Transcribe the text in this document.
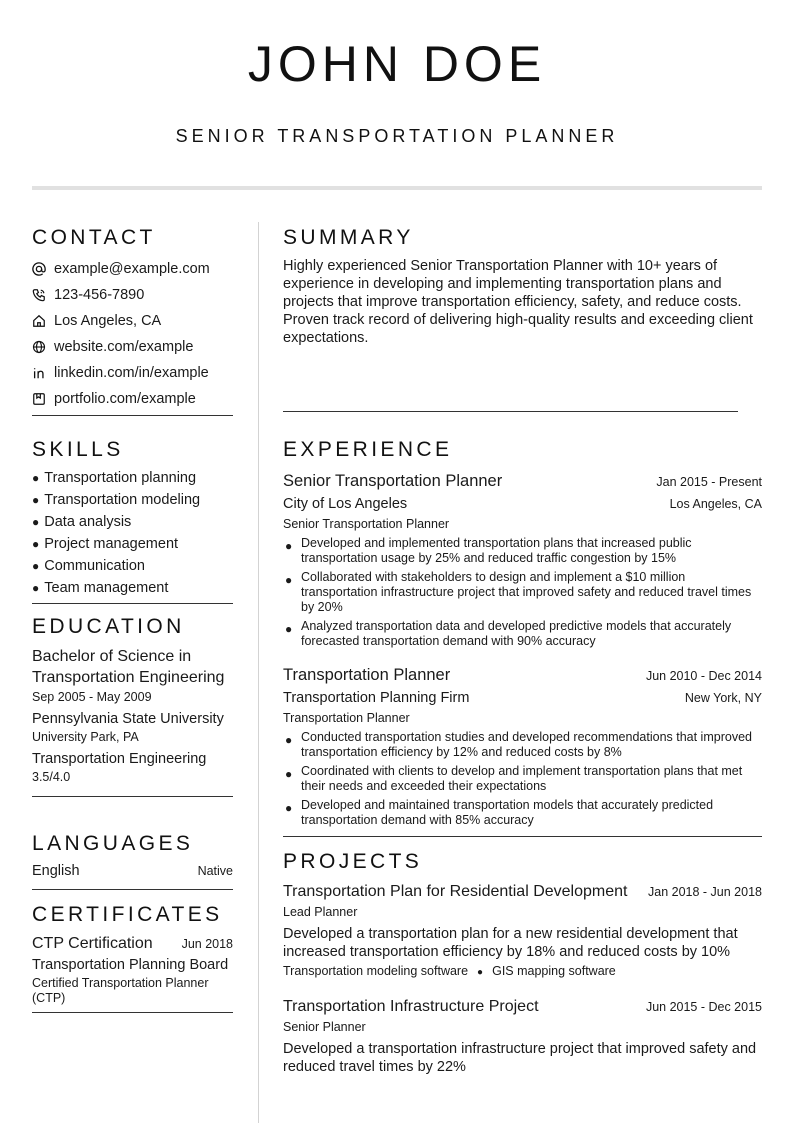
JOHN DOE
SENIOR TRANSPORTATION PLANNER
CONTACT
example@example.com
123-456-7890
Los Angeles, CA
website.com/example
linkedin.com/in/example
portfolio.com/example
SKILLS
● Transportation planning
● Transportation modeling
● Data analysis
● Project management
● Communication
● Team management
EDUCATION
Bachelor of Science in Transportation Engineering
Sep 2005 - May 2009
Pennsylvania State University
University Park, PA
Transportation Engineering
3.5/4.0
LANGUAGES
English	Native
CERTIFICATES
CTP Certification Jun 2018
Transportation Planning Board
Certified Transportation Planner (CTP)
SUMMARY
Highly experienced Senior Transportation Planner with 10+ years of experience in developing and implementing transportation plans and projects that improve transportation efficiency, safety, and reduce costs. Proven track record of delivering high-quality results and exceeding client expectations.
EXPERIENCE
Senior Transportation Planner	Jan 2015 - Present
City of Los Angeles	Los Angeles, CA
Senior Transportation Planner
● Developed and implemented transportation plans that increased public transportation usage by 25% and reduced traffic congestion by 15%
● Collaborated with stakeholders to design and implement a $10 million transportation infrastructure project that improved safety and reduced travel times by 20%
● Analyzed transportation data and developed predictive models that accurately forecasted transportation demand with 90% accuracy
Transportation Planner	Jun 2010 - Dec 2014
Transportation Planning Firm	New York, NY
Transportation Planner
● Conducted transportation studies and developed recommendations that improved transportation efficiency by 12% and reduced costs by 8%
● Coordinated with clients to develop and implement transportation plans that met their needs and exceeded their expectations
● Developed and maintained transportation models that accurately predicted transportation demand with 85% accuracy
PROJECTS
Transportation Plan for Residential Development Jan 2018 - Jun 2018
Lead Planner
Developed a transportation plan for a new residential development that increased transportation efficiency by 18% and reduced costs by 10%
Transportation modeling software ● GIS mapping software
Transportation Infrastructure Project	Jun 2015 - Dec 2015
Senior Planner
Developed a transportation infrastructure project that improved safety and reduced travel times by 22%
